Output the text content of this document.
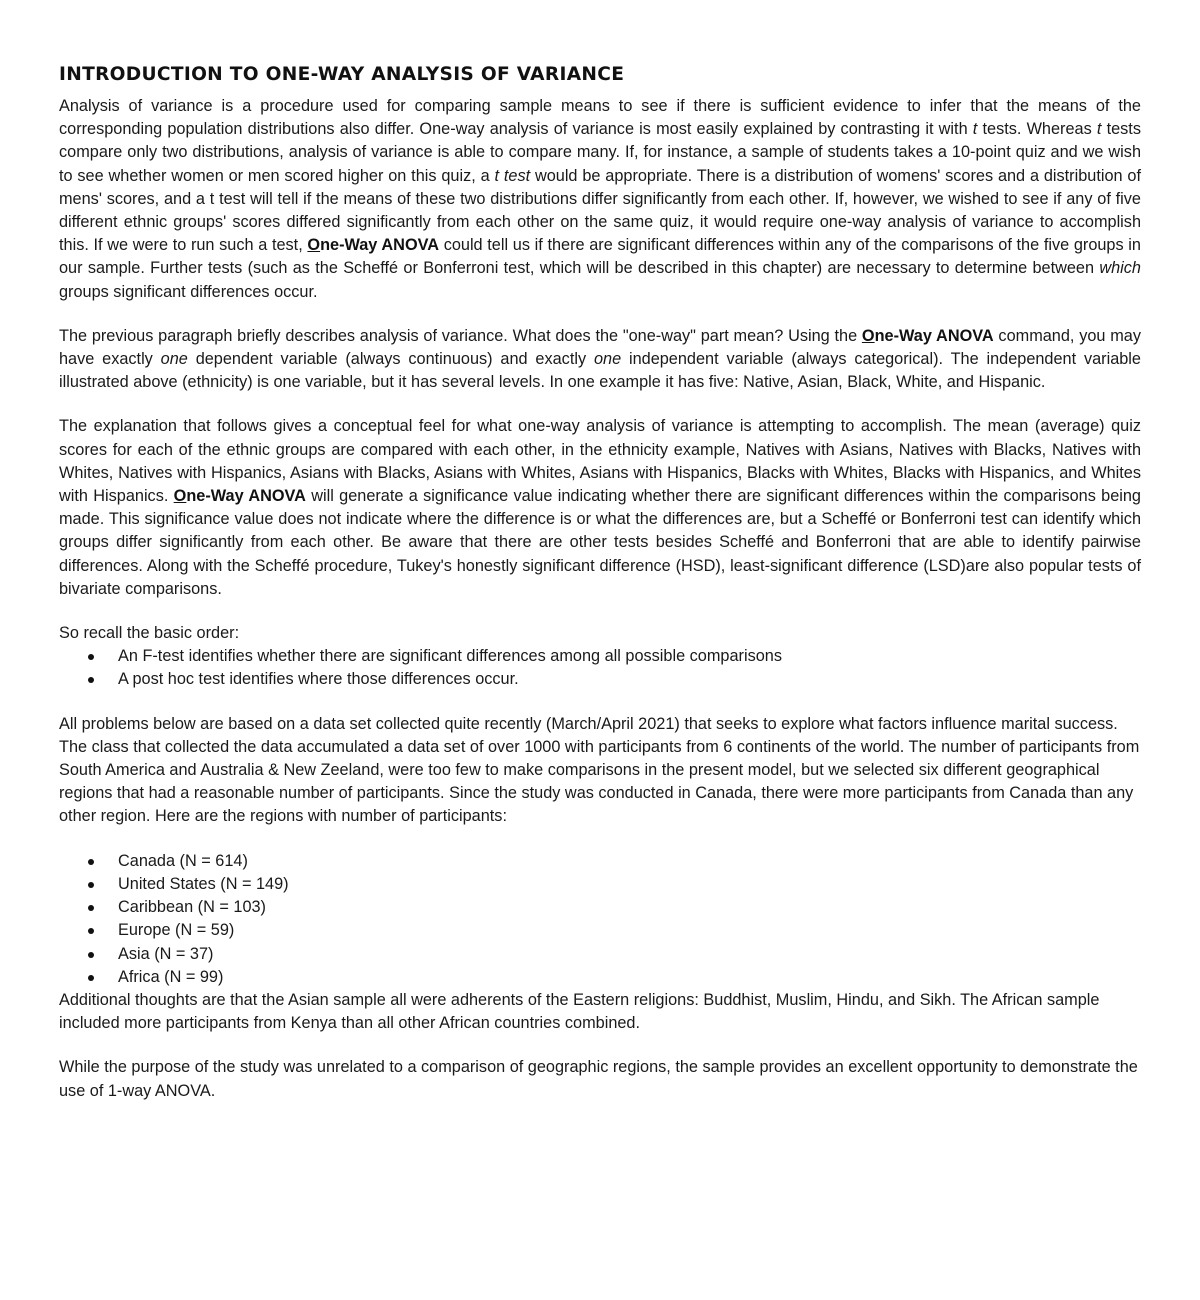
INTRODUCTION TO ONE-WAY ANALYSIS OF VARIANCE

Analysis of variance is a procedure used for comparing sample means to see if there is sufficient evidence to infer that the means of the corresponding population distributions also differ. One-way analysis of variance is most easily explained by contrasting it with t tests. Whereas t tests compare only two distributions, analysis of variance is able to compare many. If, for instance, a sample of students takes a 10-point quiz and we wish to see whether women or men scored higher on this quiz, a t test would be appropriate. There is a distribution of womens' scores and a distribution of mens' scores, and a t test will tell if the means of these two distributions differ significantly from each other. If, however, we wished to see if any of five different ethnic groups' scores differed significantly from each other on the same quiz, it would require one-way analysis of variance to accomplish this. If we were to run such a test, One-Way ANOVA could tell us if there are significant differences within any of the comparisons of the five groups in our sample. Further tests (such as the Scheffé or Bonferroni test, which will be described in this chapter) are necessary to determine between which groups significant differences occur.

The previous paragraph briefly describes analysis of variance. What does the "one-way" part mean? Using the One-Way ANOVA command, you may have exactly one dependent variable (always continuous) and exactly one independent variable (always categorical). The independent variable illustrated above (ethnicity) is one variable, but it has several levels. In one example it has five: Native, Asian, Black, White, and Hispanic.

The explanation that follows gives a conceptual feel for what one-way analysis of variance is attempting to accomplish. The mean (average) quiz scores for each of the ethnic groups are compared with each other, in the ethnicity example, Natives with Asians, Natives with Blacks, Natives with Whites, Natives with Hispanics, Asians with Blacks, Asians with Whites, Asians with Hispanics, Blacks with Whites, Blacks with Hispanics, and Whites with Hispanics. One-Way ANOVA will generate a significance value indicating whether there are significant differences within the comparisons being made. This significance value does not indicate where the difference is or what the differences are, but a Scheffé or Bonferroni test can identify which groups differ significantly from each other. Be aware that there are other tests besides Scheffé and Bonferroni that are able to identify pairwise differences. Along with the Scheffé procedure, Tukey's honestly significant difference (HSD), least-significant difference (LSD)are also popular tests of bivariate comparisons.

So recall the basic order:

An F-test identifies whether there are significant differences among all possible comparisons
A post hoc test identifies where those differences occur.

All problems below are based on a data set collected quite recently (March/April 2021) that seeks to explore what factors influence marital success. The class that collected the data accumulated a data set of over 1000 with participants from 6 continents of the world. The number of participants from South America and Australia & New Zeeland, were too few to make comparisons in the present model, but we selected six different geographical regions that had a reasonable number of participants. Since the study was conducted in Canada, there were more participants from Canada than any other region. Here are the regions with number of participants:

Canada (N = 614)
United States (N = 149)
Caribbean (N = 103)
Europe (N = 59)
Asia (N = 37)
Africa (N = 99)

Additional thoughts are that the Asian sample all were adherents of the Eastern religions: Buddhist, Muslim, Hindu, and Sikh. The African sample included more participants from Kenya than all other African countries combined.

While the purpose of the study was unrelated to a comparison of geographic regions, the sample provides an excellent opportunity to demonstrate the use of 1-way ANOVA.
